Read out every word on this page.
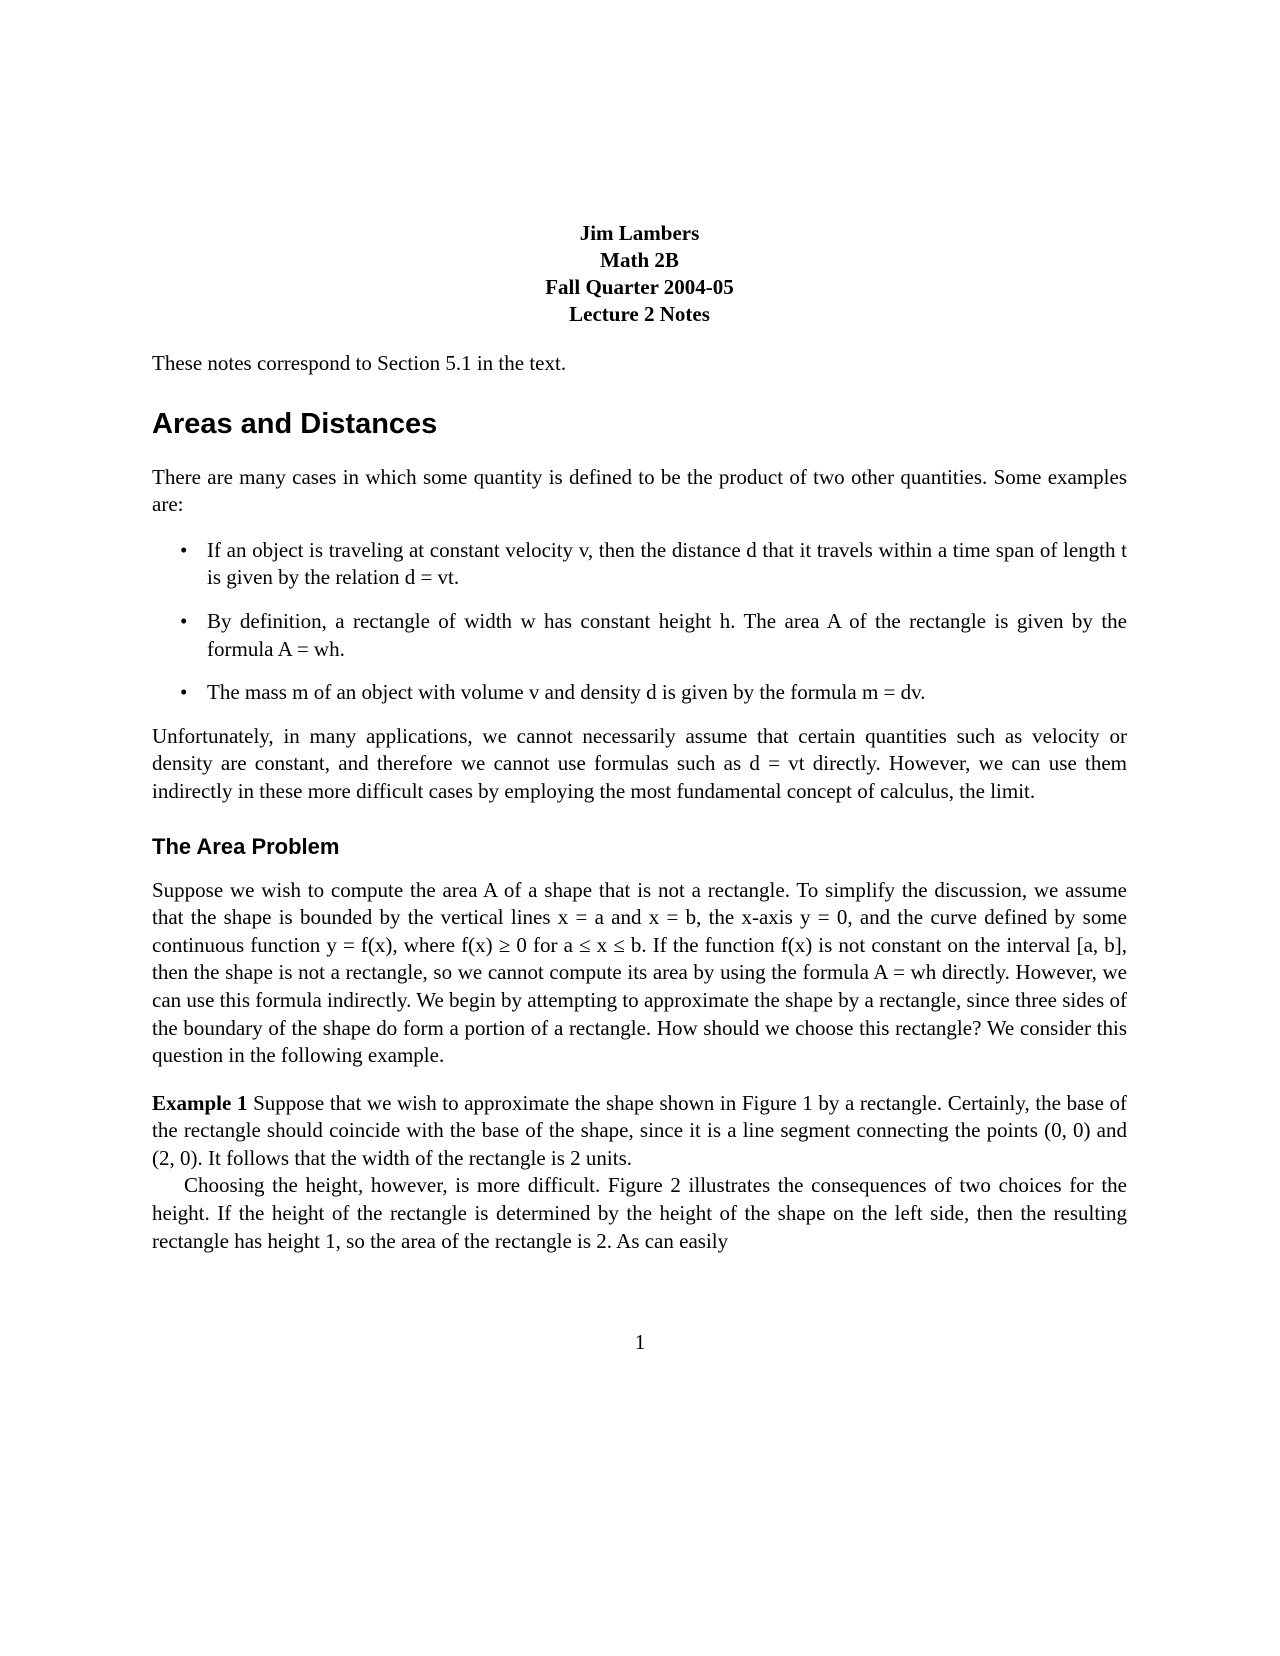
Jim Lambers
Math 2B
Fall Quarter 2004-05
Lecture 2 Notes

These notes correspond to Section 5.1 in the text.

Areas and Distances

There are many cases in which some quantity is defined to be the product of two other quantities. Some examples are:

• If an object is traveling at constant velocity v, then the distance d that it travels within a time span of length t is given by the relation d = vt.
• By definition, a rectangle of width w has constant height h. The area A of the rectangle is given by the formula A = wh.
• The mass m of an object with volume v and density d is given by the formula m = dv.

Unfortunately, in many applications, we cannot necessarily assume that certain quantities such as velocity or density are constant, and therefore we cannot use formulas such as d = vt directly. However, we can use them indirectly in these more difficult cases by employing the most fundamental concept of calculus, the limit.

The Area Problem

Suppose we wish to compute the area A of a shape that is not a rectangle. To simplify the discussion, we assume that the shape is bounded by the vertical lines x = a and x = b, the x-axis y = 0, and the curve defined by some continuous function y = f(x), where f(x) ≥ 0 for a ≤ x ≤ b. If the function f(x) is not constant on the interval [a, b], then the shape is not a rectangle, so we cannot compute its area by using the formula A = wh directly. However, we can use this formula indirectly. We begin by attempting to approximate the shape by a rectangle, since three sides of the boundary of the shape do form a portion of a rectangle. How should we choose this rectangle? We consider this question in the following example.

Example 1 Suppose that we wish to approximate the shape shown in Figure 1 by a rectangle. Certainly, the base of the rectangle should coincide with the base of the shape, since it is a line segment connecting the points (0, 0) and (2, 0). It follows that the width of the rectangle is 2 units.

Choosing the height, however, is more difficult. Figure 2 illustrates the consequences of two choices for the height. If the height of the rectangle is determined by the height of the shape on the left side, then the resulting rectangle has height 1, so the area of the rectangle is 2. As can easily

1
